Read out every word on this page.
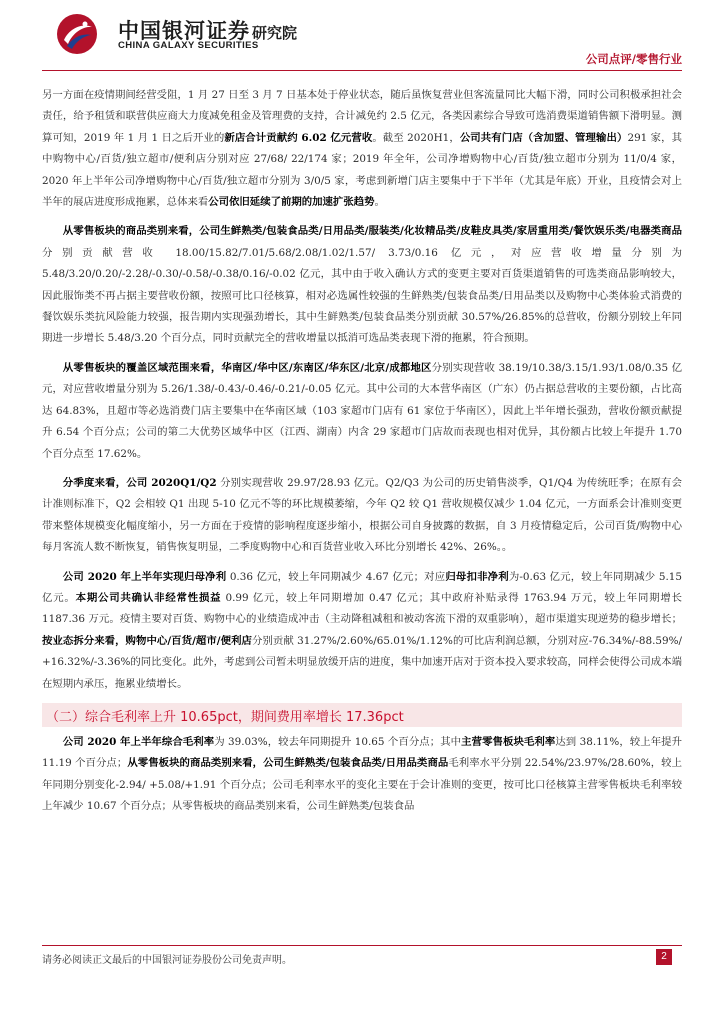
中国银河证券
CHINA GALAXY SECURITIES
研究院
公司点评/零售行业

另一方面在疫情期间经营受阻，1 月 27 日至 3 月 7 日基本处于停业状态，随后虽恢复营业但客流量同比大幅下滑，同时公司积极承担社会责任，给予租赁和联营供应商大力度减免租金及管理费的支持，合计减免约 2.5 亿元，各类因素综合导致可选消费渠道销售额下滑明显。测算可知，2019 年 1 月 1 日之后开业的新店合计贡献约 6.02 亿元营收。截至 2020H1，公司共有门店（含加盟、管理输出）291 家，其中购物中心/百货/独立超市/便利店分别对应 27/68/ 22/174 家；2019 年全年，公司净增购物中心/百货/独立超市分别为 11/0/4 家，2020 年上半年公司净增购物中心/百货/独立超市分别为 3/0/5 家，考虑到新增门店主要集中于下半年（尤其是年底）开业，且疫情会对上半年的展店进度形成拖累，总体来看公司依旧延续了前期的加速扩张趋势。

从零售板块的商品类别来看，公司生鲜熟类/包装食品类/日用品类/服装类/化妆精品类/皮鞋皮具类/家居重用类/餐饮娱乐类/电器类商品分别贡献营收 18.00/15.82/7.01/5.68/2.08/1.02/1.57/ 3.73/0.16 亿元，对应营收增量分别为 5.48/3.20/0.20/-2.28/-0.30/-0.58/-0.38/0.16/-0.02 亿元，其中由于收入确认方式的变更主要对百货渠道销售的可选类商品影响较大，因此服饰类不再占据主要营收份额，按照可比口径核算，相对必选属性较强的生鲜熟类/包装食品类/日用品类以及购物中心类体验式消费的餐饮娱乐类抗风险能力较强，报告期内实现强劲增长，其中生鲜熟类/包装食品类分别贡献 30.57%/26.85%的总营收，份额分别较上年同期进一步增长 5.48/3.20 个百分点，同时贡献完全的营收增量以抵消可选品类表现下滑的拖累，符合预期。

从零售板块的覆盖区域范围来看，华南区/华中区/东南区/华东区/北京/成都地区分别实现营收 38.19/10.38/3.15/1.93/1.08/0.35 亿元，对应营收增量分别为 5.26/1.38/-0.43/-0.46/-0.21/-0.05 亿元。其中公司的大本营华南区（广东）仍占据总营收的主要份额，占比高达 64.83%，且超市等必选消费门店主要集中在华南区域（103 家超市门店有 61 家位于华南区），因此上半年增长强劲，营收份额贡献提升 6.54 个百分点；公司的第二大优势区域华中区（江西、湖南）内含 29 家超市门店故而表现也相对优异，其份额占比较上年提升 1.70 个百分点至 17.62%。

分季度来看，公司 2020Q1/Q2 分别实现营收 29.97/28.93 亿元。Q2/Q3 为公司的历史销售淡季，Q1/Q4 为传统旺季；在原有会计准则标准下，Q2 会相较 Q1 出现 5-10 亿元不等的环比规模萎缩，今年 Q2 较 Q1 营收规模仅减少 1.04 亿元，一方面系会计准则变更带来整体规模变化幅度缩小，另一方面在于疫情的影响程度逐步缩小，根据公司自身披露的数据，自 3 月疫情稳定后，公司百货/购物中心每月客流人数不断恢复，销售恢复明显，二季度购物中心和百货营业收入环比分别增长 42%、26%。。

公司 2020 年上半年实现归母净利 0.36 亿元，较上年同期减少 4.67 亿元；对应归母扣非净利为-0.63 亿元，较上年同期减少 5.15 亿元。本期公司共确认非经常性损益 0.99 亿元，较上年同期增加 0.47 亿元；其中政府补贴录得 1763.94 万元，较上年同期增长 1187.36 万元。疫情主要对百货、购物中心的业绩造成冲击（主动降租减租和被动客流下滑的双重影响），超市渠道实现逆势的稳步增长；按业态拆分来看，购物中心/百货/超市/便利店分别贡献 31.27%/2.60%/65.01%/1.12%的可比店利润总额，分别对应-76.34%/-88.59%/ +16.32%/-3.36%的同比变化。此外，考虑到公司暂未明显放缓开店的进度，集中加速开店对于资本投入要求较高，同样会使得公司成本端在短期内承压，拖累业绩增长。

（二）综合毛利率上升 10.65pct，期间费用率增长 17.36pct

公司 2020 年上半年综合毛利率为 39.03%，较去年同期提升 10.65 个百分点；其中主营零售板块毛利率达到 38.11%，较上年提升 11.19 个百分点；从零售板块的商品类别来看，公司生鲜熟类/包装食品类/日用品类商品毛利率水平分别 22.54%/23.97%/28.60%，较上年同期分别变化-2.94/ +5.08/+1.91 个百分点；公司毛利率水平的变化主要在于会计准则的变更，按可比口径核算主营零售板块毛利率较上年减少 10.67 个百分点；从零售板块的商品类别来看，公司生鲜熟类/包装食品

请务必阅读正文最后的中国银河证券股份公司免责声明。	2
